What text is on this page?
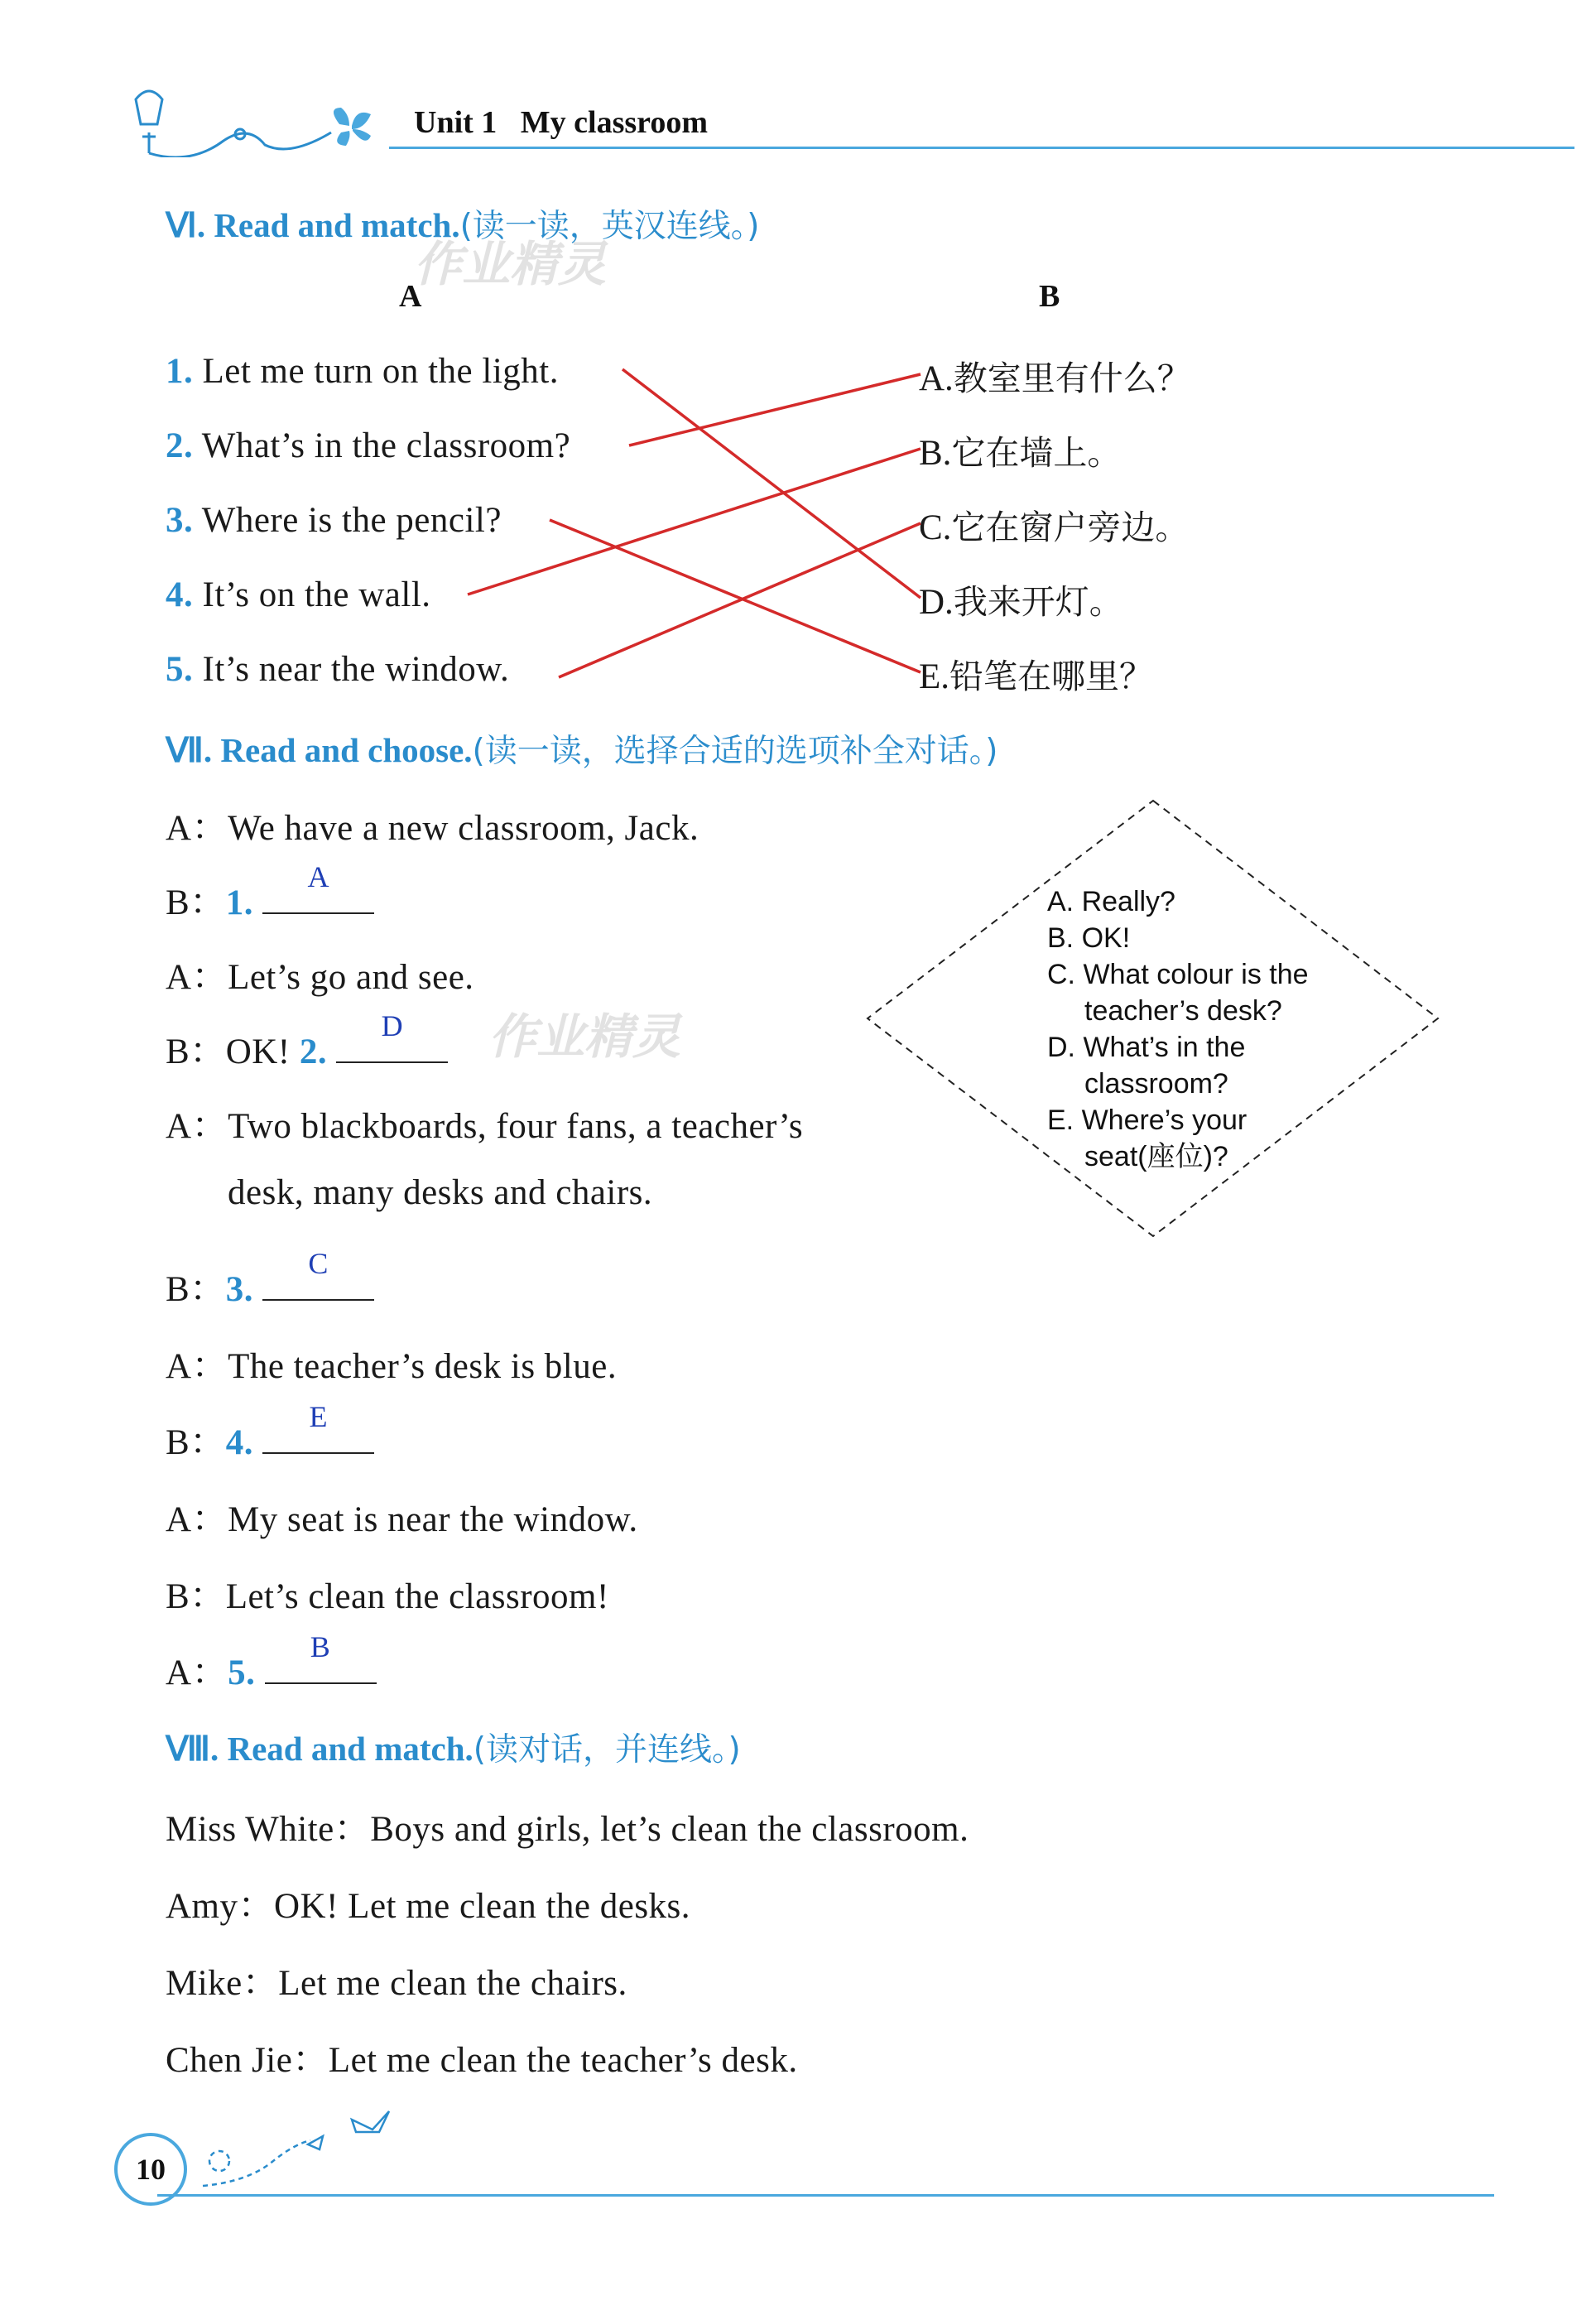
Unit 1 My classroom
Ⅵ. Read and match.(读一读，英汉连线。)
作业精灵
A	B
1. Let me turn on the light.
2. What’s in the classroom?
3. Where is the pencil?
4. It’s on the wall.
5. It’s near the window.
A.教室里有什么？
B.它在墙上。
C.它在窗户旁边。
D.我来开灯。
E.铅笔在哪里？
Ⅶ. Read and choose.(读一读，选择合适的选项补全对话。)
A：We have a new classroom, Jack.
B：1.
A
A：Let’s go and see.
B：OK! 2.
D	作业精灵
A：Two blackboards, four fans, a teacher’s
desk, many desks and chairs.
B：3.
C
A：The teacher’s desk is blue.
B：4.
E
A：My seat is near the window.
B：Let’s clean the classroom!
A：5.
B
A. Really?
B. OK!
C. What colour is the
teacher’s desk?
D. What’s in the
classroom?
E. Where’s your
seat(座位)?
Ⅷ. Read and match.(读对话，并连线。)
Miss White：Boys and girls, let’s clean the classroom.
Amy：OK! Let me clean the desks.
Mike：Let me clean the chairs.
Chen Jie：Let me clean the teacher’s desk.
10
